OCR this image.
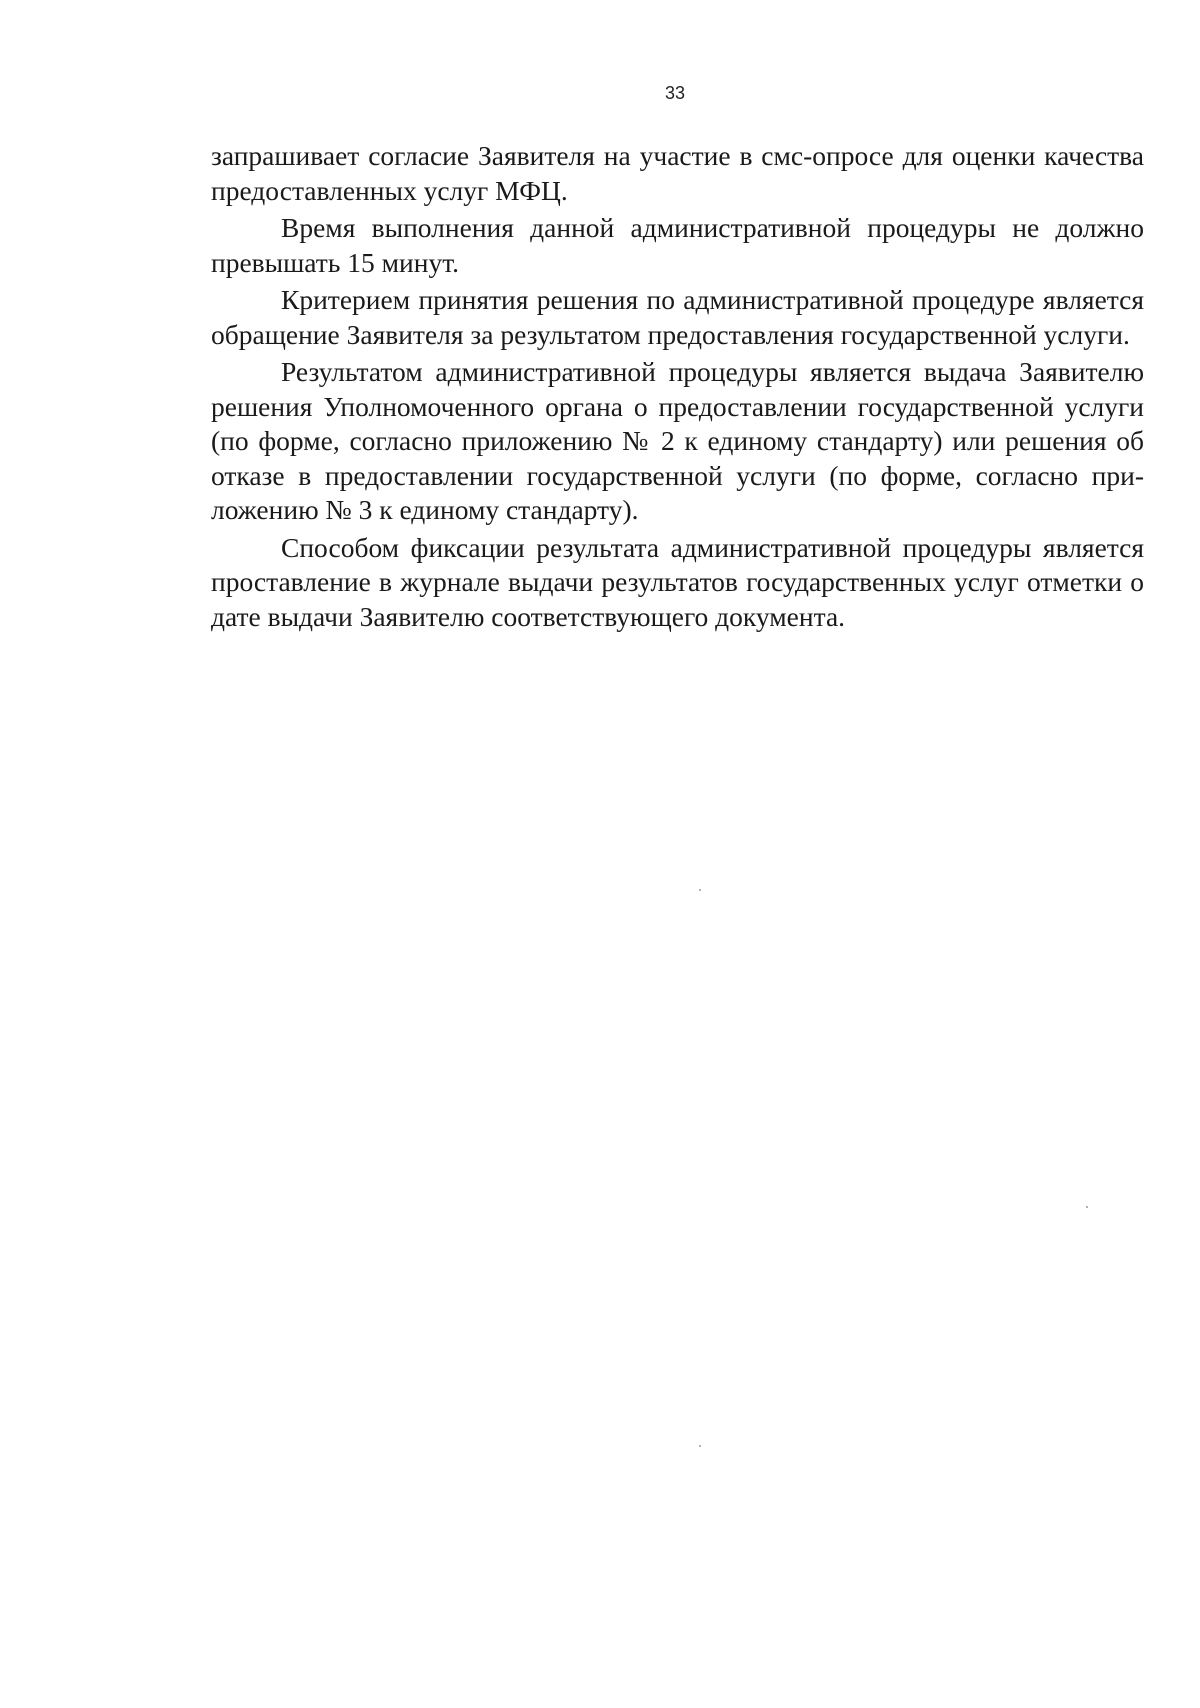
33

запрашивает согласие Заявителя на участие в смс-опросе для оценки качества предоставленных услуг МФЦ.

Время выполнения данной административной процедуры не должно превышать 15 минут.

Критерием принятия решения по административной процедуре является обращение Заявителя за результатом предоставления государственной услуги.

Результатом административной процедуры является выдача Заявителю решения Уполномоченного органа о предоставлении государственной услуги (по форме, согласно приложению № 2 к единому стандарту) или решения об отказе в предоставлении государственной услуги (по форме, согласно приложению № 3 к единому стандарту).

Способом фиксации результата административной процедуры является проставление в журнале выдачи результатов государственных услуг отметки о дате выдачи Заявителю соответствующего документа.
